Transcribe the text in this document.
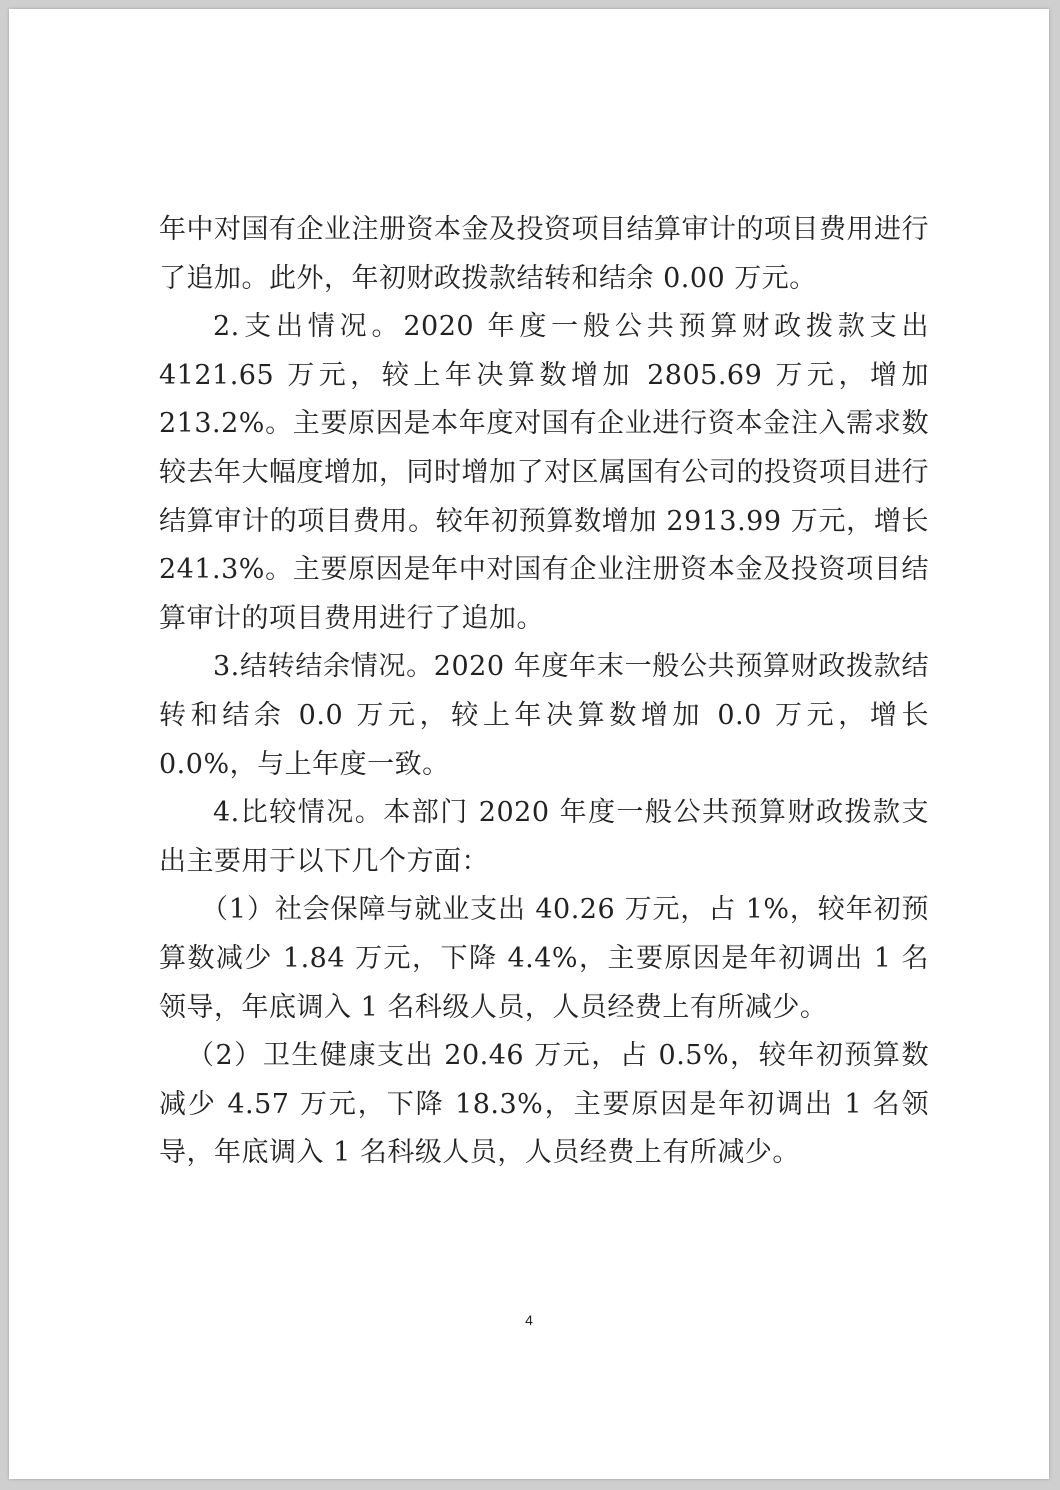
年中对国有企业注册资本金及投资项目结算审计的项目费用进行了追加。此外，年初财政拨款结转和结余 0.00 万元。

2.支出情况。2020 年度一般公共预算财政拨款支出 4121.65 万元，较上年决算数增加 2805.69 万元，增加 213.2%。主要原因是本年度对国有企业进行资本金注入需求数较去年大幅度增加，同时增加了对区属国有公司的投资项目进行结算审计的项目费用。较年初预算数增加 2913.99 万元，增长 241.3%。主要原因是年中对国有企业注册资本金及投资项目结算审计的项目费用进行了追加。

3.结转结余情况。2020 年度年末一般公共预算财政拨款结转和结余 0.0 万元，较上年决算数增加 0.0 万元，增长 0.0%，与上年度一致。

4.比较情况。本部门 2020 年度一般公共预算财政拨款支出主要用于以下几个方面：

（1）社会保障与就业支出 40.26 万元，占 1%，较年初预算数减少 1.84 万元，下降 4.4%，主要原因是年初调出 1 名领导，年底调入 1 名科级人员，人员经费上有所减少。

（2）卫生健康支出 20.46 万元，占 0.5%，较年初预算数减少 4.57 万元，下降 18.3%，主要原因是年初调出 1 名领导，年底调入 1 名科级人员，人员经费上有所减少。

4
